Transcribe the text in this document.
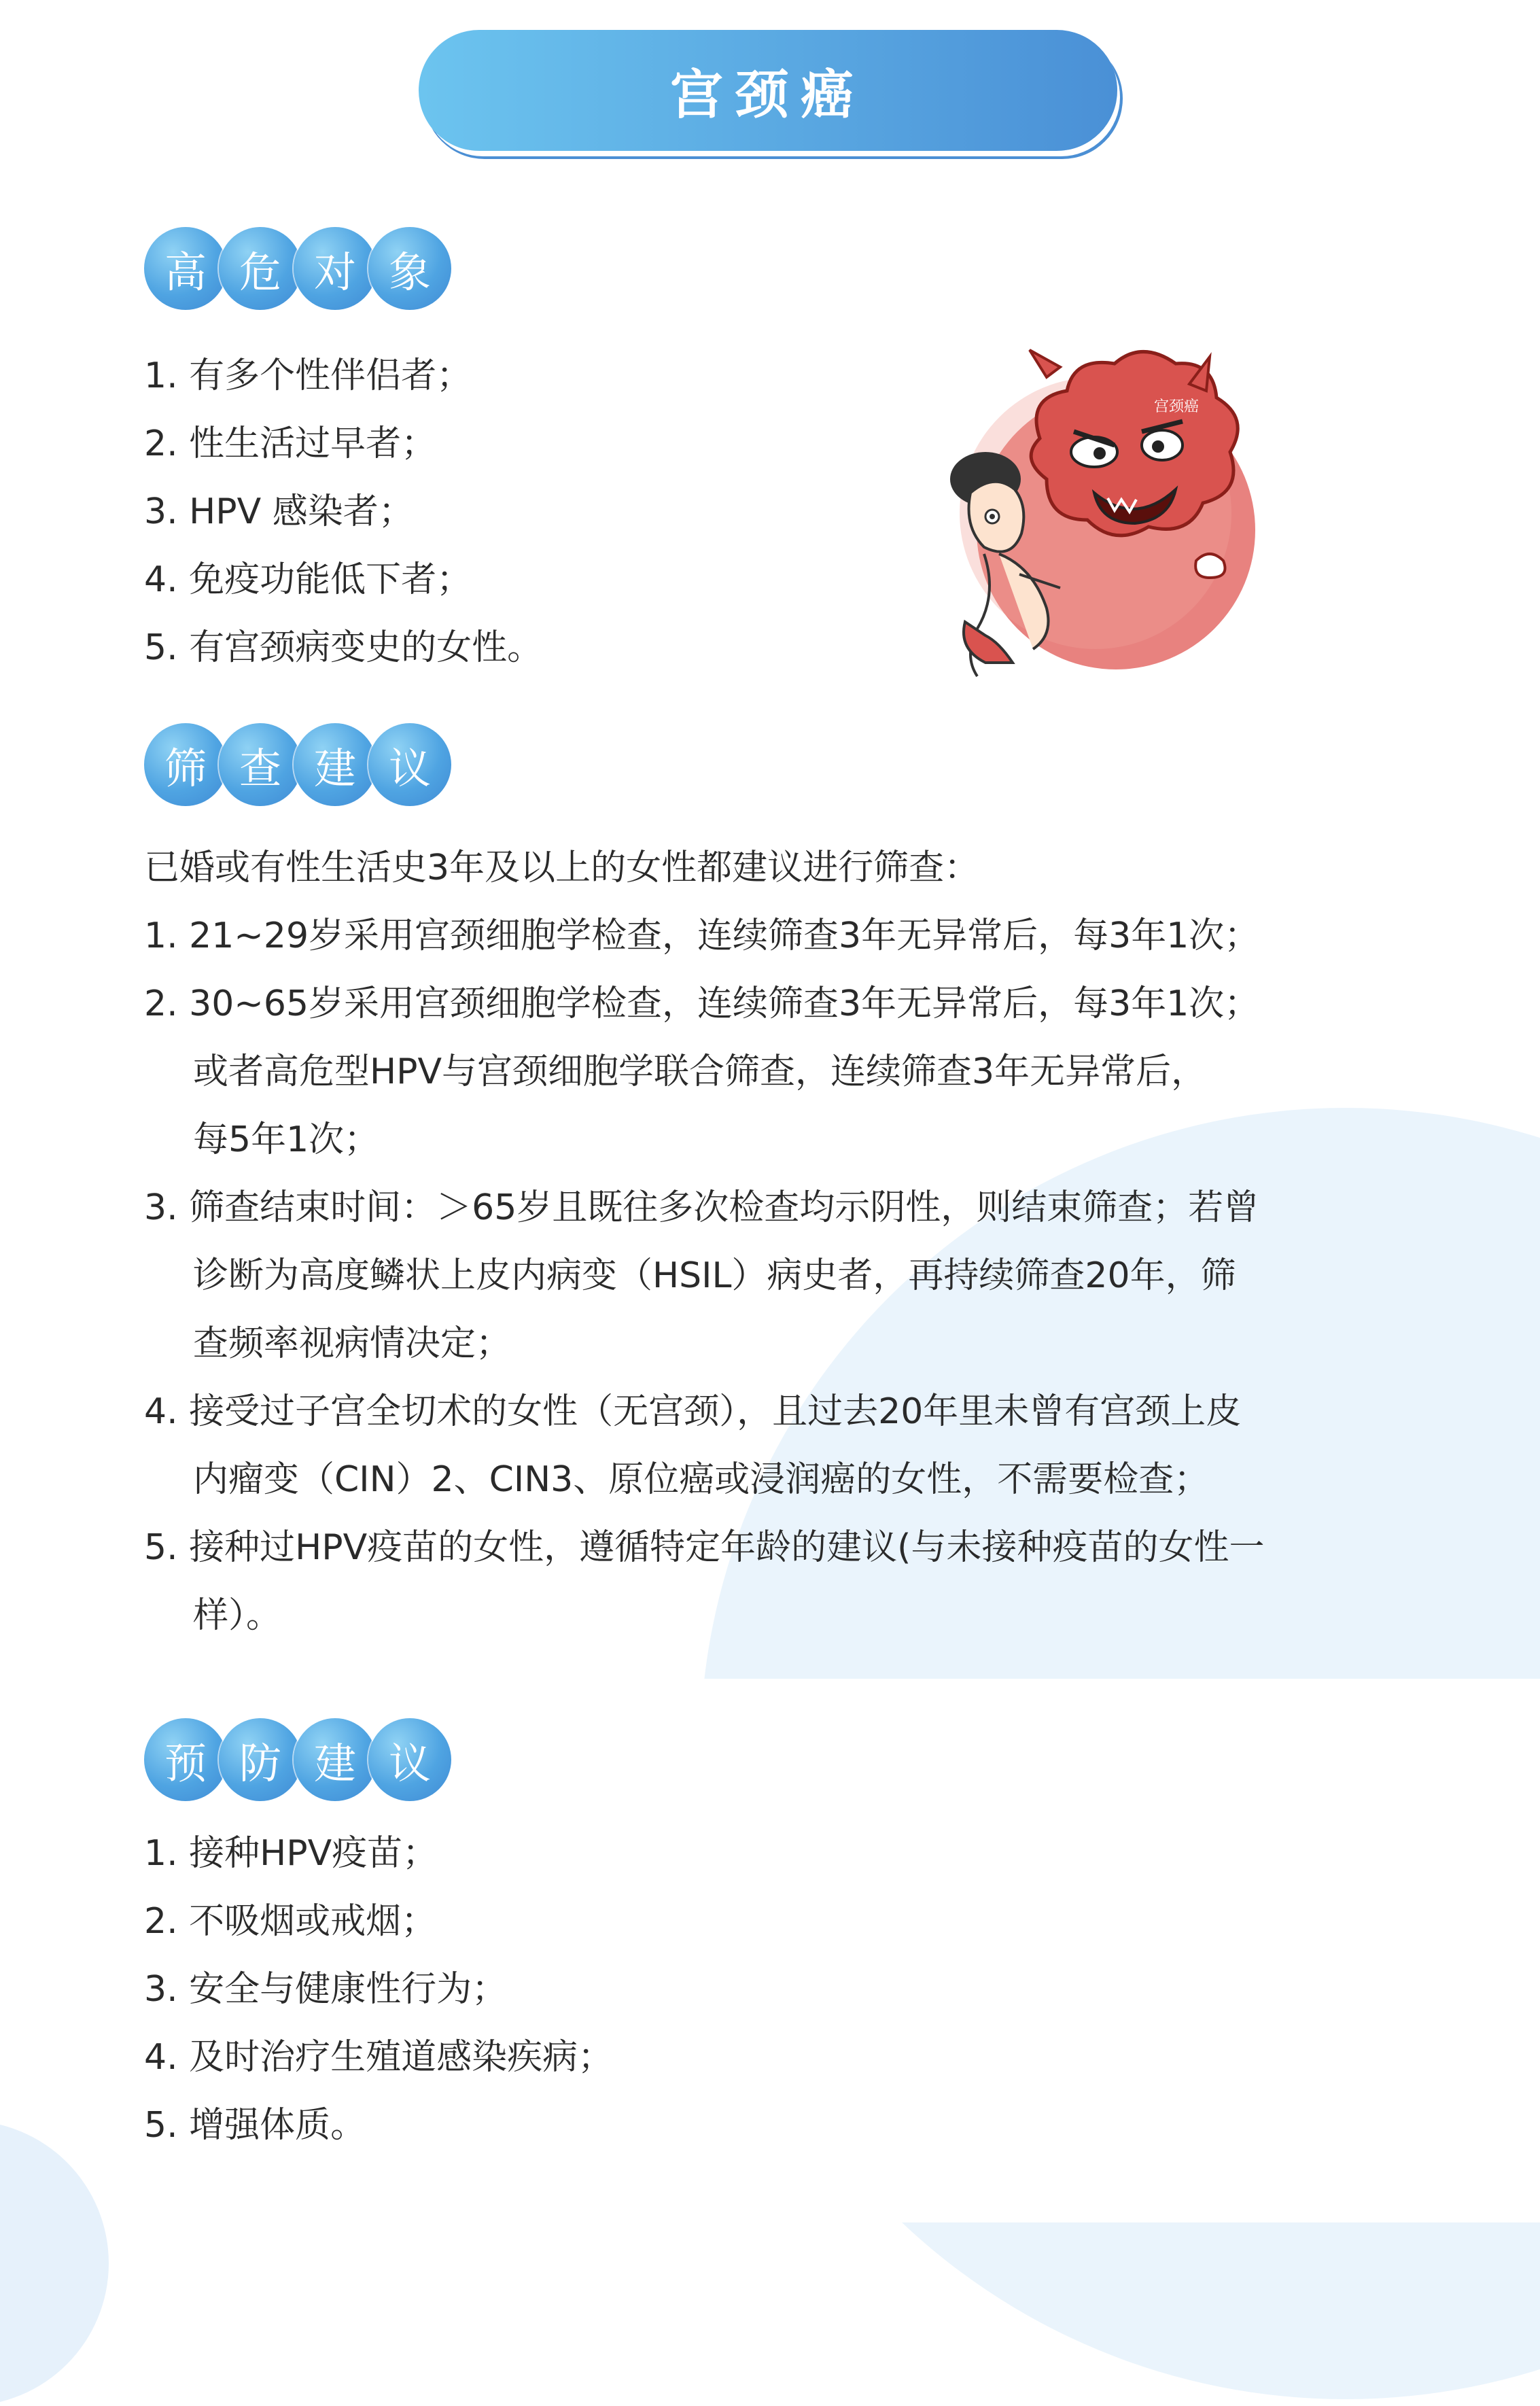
宫颈癌
高 危 对 象
1. 有多个性伴侣者；
2. 性生活过早者；
3. HPV 感染者；
4. 免疫功能低下者；
5. 有宫颈病变史的女性。
宫颈癌
筛 查 建 议
已婚或有性生活史3年及以上的女性都建议进行筛查：
1. 21~29岁采用宫颈细胞学检查，连续筛查3年无异常后，每3年1次；
2. 30~65岁采用宫颈细胞学检查，连续筛查3年无异常后，每3年1次；
或者高危型HPV与宫颈细胞学联合筛查，连续筛查3年无异常后，
每5年1次；
3. 筛查结束时间：＞65岁且既往多次检查均示阴性，则结束筛查；若曾
诊断为高度鳞状上皮内病变（HSIL）病史者，再持续筛查20年，筛
查频率视病情决定；
4. 接受过子宫全切术的女性（无宫颈），且过去20年里未曾有宫颈上皮
内瘤变（CIN）2、CIN3、原位癌或浸润癌的女性，不需要检查；
5. 接种过HPV疫苗的女性，遵循特定年龄的建议(与未接种疫苗的女性一
样）。
预 防 建 议
1. 接种HPV疫苗；
2. 不吸烟或戒烟；
3. 安全与健康性行为；
4. 及时治疗生殖道感染疾病；
5. 增强体质。
